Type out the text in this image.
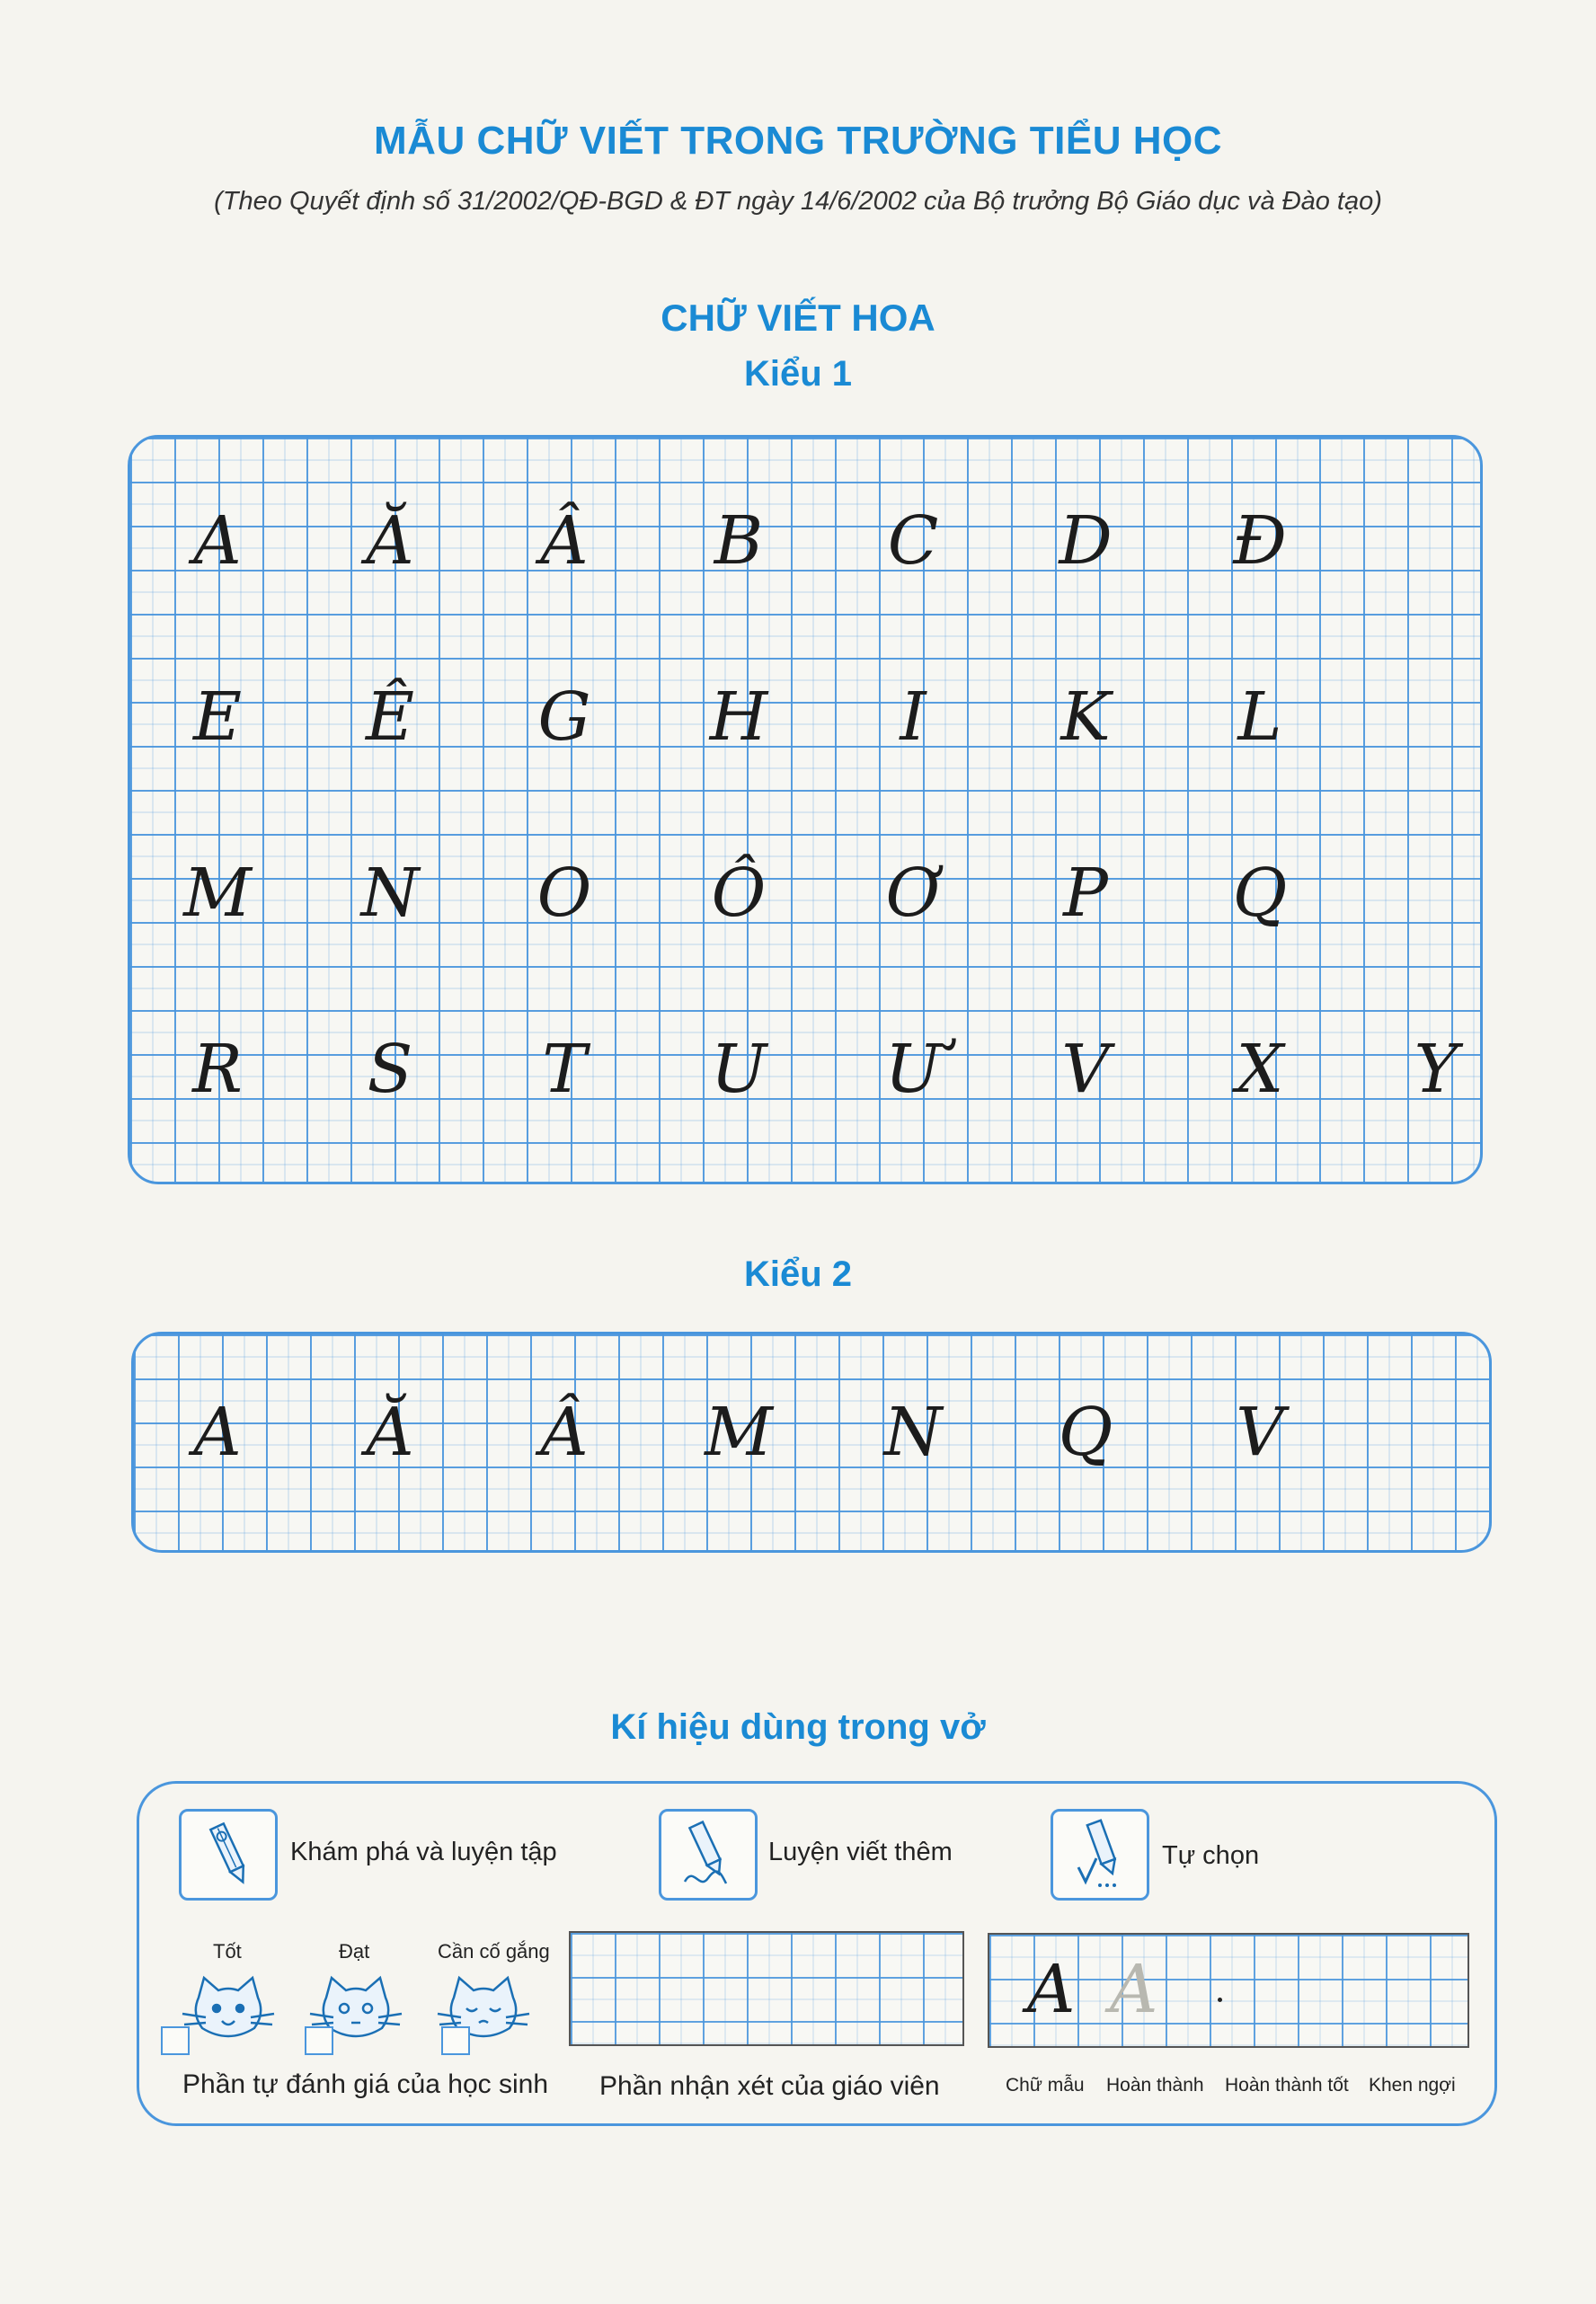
MẪU CHỮ VIẾT TRONG TRƯỜNG TIỂU HỌC
(Theo Quyết định số 31/2002/QĐ-BGD & ĐT ngày 14/6/2002 của Bộ trưởng Bộ Giáo dục và Đào tạo)
CHỮ VIẾT HOA
Kiểu 1
A	Ă	Â	B	C	D	Đ
E	Ê	G	H	I	K	L
M	N	O	Ô	Ơ	P	Q
R	S	T	U	Ư	V	X	Y
Kiểu 2
A	Ă	Â	M	N	Q	V
Kí hiệu dùng trong vở
Khám phá và luyện tập	Luyện viết thêm	Tự chọn
Tốt	Đạt	Cần cố gắng
Phần tự đánh giá của học sinh Phần nhận xét của giáo viên
A A
Chữ mẫu Hoàn thành Hoàn thành tốt Khen ngợi
